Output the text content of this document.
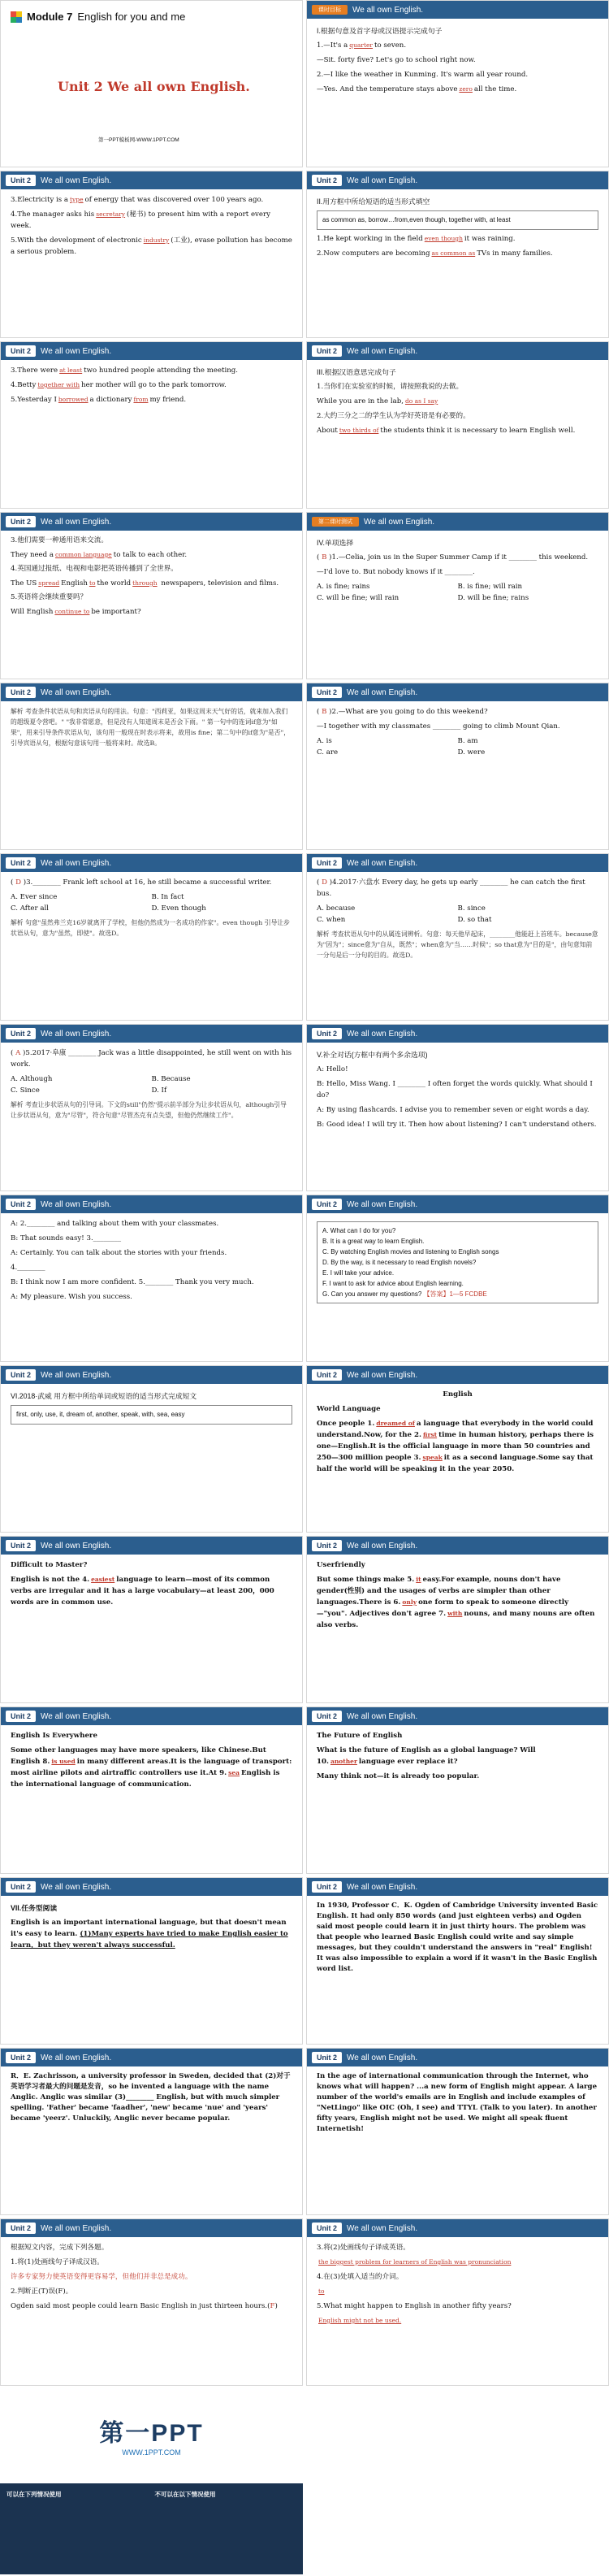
Module 7 English for you and me
Unit 2 We all own English.
第一PPT模板网-WWW.1PPT.COM
课时目标	We all own English.

I.根据句意及首字母或汉语提示完成句子

1.—It's a quarter to seven.

—Sit. forty five? Let's go to school right now.

2.—I like the weather in Kunming. It's warm all year round.

—Yes. And the temperature stays above zero all the time.

Unit 2	We all own English.

3.Electricity is a type of energy that was discovered over 100 years ago.

4.The manager asks his secretary (秘书) to present him with a report every week.

5.With the development of electronic industry (工业), evase pollution has become a serious problem.

Unit 2	We all own English.

II.用方框中所给短语的适当形式填空

as common as, borrow…from,even though, together with, at least

1.He kept working in the field even though it was raining.

2.Now computers are becoming as common as TVs in many families.

Unit 2	We all own English.

3.There were at least two hundred people attending the meeting.

4.Betty together with her mother will go to the park tomorrow.

5.Yesterday I borrowed a dictionary from my friend.

Unit 2	We all own English.

III.根据汉语意思完成句子

1.当你们在实验室的时候，请按照我说的去做。

While you are in the lab, do as I say

2.大约三分之二的学生认为学好英语是有必要的。

About two thirds of the students think it is necessary to learn English well.

Unit 2	We all own English.

3.他们需要一种通用语来交流。

They need a common language to talk to each other.

4.英国通过报纸、电视和电影把英语传播到了全世界。

The US spread English to the world through newspapers, television and films.

5.英语将会继续重要吗？

Will English continue to be important?

第二课时测试	We all own English.

IV.单项选择

( B )1.—Celia, join us in the Super Summer Camp if it ________ this weekend.

—I'd love to. But nobody knows if it ________.

A. is fine; rains	B. is fine; will rain
C. will be fine; will rain	D. will be fine; rains

Unit 2	We all own English.

解析 考查条件状语从句和宾语从句的用法。句意："西莉亚，如果这周末天气好的话，就来加入我们的超级夏令营吧。" "我非常愿意，但是没有人知道周末是否会下雨。" 第一句中的连词if意为"如果"，用来引导条件状语从句，该句用一般现在时表示将来，故用is fine；第二句中的if意为"是否"，引导宾语从句，根据句意该句用一般将来时。故选B。

Unit 2	We all own English.

( B )2.—What are you going to do this weekend?

—I together with my classmates ________ going to climb Mount Qian.

A. is	B. am
C. are	D. were

Unit 2	We all own English.

( D )3.________ Frank left school at 16, he still became a successful writer.

A. Ever since	B. In fact
C. After all	D. Even though

解析 句意"虽然弗兰克16岁就离开了学校，但他仍然成为一名成功的作家"。even though 引导让步状语从句，意为"虽然，即使"。故选D。

Unit 2	We all own English.

( D )4.2017·六盘水 Every day, he gets up early ________ he can catch the first bus.

A. because	B. since
C. when	D. so that

解析 考查状语从句中的从属连词辨析。句意：每天他早起床，________他能赶上首班车。because意为"因为"；since意为"自从，既然"；when意为"当……时候"；so that意为"目的是"，由句意知前一分句是后一分句的目的。故选D。

Unit 2	We all own English.

( A )5.2017·阜康 ________ Jack was a little disappointed, he still went on with his work.

A. Although	B. Because
C. Since	D. If

解析 考查让步状语从句的引导词。下文的still"仍然"提示前半部分为让步状语从句，although引导让步状语从句，意为"尽管"，符合句意"尽管杰克有点失望，但他仍然继续工作"。

Unit 2	We all own English.

V.补全对话(方框中有两个多余选项)

A: Hello!

B: Hello, Miss Wang. I ________ I often forget the words quickly. What should I do?

A: By using flashcards. I advise you to remember seven or eight words a day.

B: Good idea! I will try it. Then how about listening? I can't understand others.

Unit 2	We all own English.

A: 2.________ and talking about them with your classmates.

B: That sounds easy! 3.________

A: Certainly. You can talk about the stories with your friends.

4.________

B: I think now I am more confident. 5.________ Thank you very much.

A: My pleasure. Wish you success.

Unit 2	We all own English.
A. What can I do for you?
B. It is a great way to learn English.
C. By watching English movies and listening to English songs
D. By the way, is it necessary to read English novels?
E. I will take your advice.
F. I want to ask for advice about English learning.
G. Can you answer my questions? 【答案】1—5 FCDBE
Unit 2	We all own English.

VI.2018·武威 用方框中所给单词或短语的适当形式完成短文

first, only, use, it, dream of, another, speak, with, sea, easy
Unit 2	We all own English.

English

World Language

Once people 1. dreamed of a language that everybody in the world could understand.Now, for the 2. first time in human history, perhaps there is one—English.It is the official language in more than 50 countries and 250—300 million people 3. speak it as a second language.Some say that half the world will be speaking it in the year 2050.

Unit 2	We all own English.

Difficult to Master?

English is not the 4. easiest language to learn—most of its common verbs are irregular and it has a large vocabulary—at least 200，000 words are in common use.

Unit 2	We all own English.

Userfriendly

But some things make 5. it easy.For example, nouns don't have gender(性别) and the usages of verbs are simpler than other languages.There is 6. only one form to speak to someone directly—"you". Adjectives don't agree 7. with nouns, and many nouns are often also verbs.

Unit 2	We all own English.

English Is Everywhere

Some other languages may have more speakers, like Chinese.But English 8. is used in many different areas.It is the language of transport: most airline pilots and airtraffic controllers use it.At 9. sea English is the international language of communication.

Unit 2	We all own English.

The Future of English

What is the future of English as a global language? Will 10. another language ever replace it?

Many think not—it is already too popular.

Unit 2	We all own English.

VII.任务型阅读

English is an important international language, but that doesn't mean it's easy to learn. (1)Many experts have tried to make English easier to learn，but they weren't always successful.

Unit 2	We all own English.

In 1930, Professor C．K. Ogden of Cambridge University invented Basic English. It had only 850 words (and just eighteen verbs) and Ogden said most people could learn it in just thirty hours. The problem was that people who learned Basic English could write and say simple messages, but they couldn't understand the answers in "real" English! It was also impossible to explain a word if it wasn't in the Basic English word list.

Unit 2	We all own English.

R．E. Zachrisson, a university professor in Sweden, decided that (2)对于英语学习者最大的问题是发音，so he invented a language with the name Anglic. Anglic was similar (3)________ English, but with much simpler spelling. 'Father' became 'faadher', 'new' became 'nue' and 'years' became 'yeerz'. Unluckily, Anglic never became popular.

Unit 2	We all own English.

In the age of international communication through the Internet, who knows what will happen? ...a new form of English might appear. A large number of the world's emails are in English and include examples of "NetLingo" like OIC (Oh, I see) and TTYL (Talk to you later). In another fifty years, English might not be used. We might all speak fluent Internetish!

Unit 2	We all own English.

根据短文内容，完成下列各题。

1.将(1)处画线句子译成汉语。

许多专家努力使英语变得更容易学，但他们并非总是成功。

2.判断正(T)误(F)。

Ogden said most people could learn Basic English in just thirteen hours.(F)

Unit 2	We all own English.

3.将(2)处画线句子译成英语。

the biggest problem for learners of English was pronunciation

4.在(3)处填入适当的介词。

to

5.What might happen to English in another fifty years?

English might not be used.

第一PPT
WWW.1PPT.COM
可以在下列情况使用	不可以在以下情况使用
